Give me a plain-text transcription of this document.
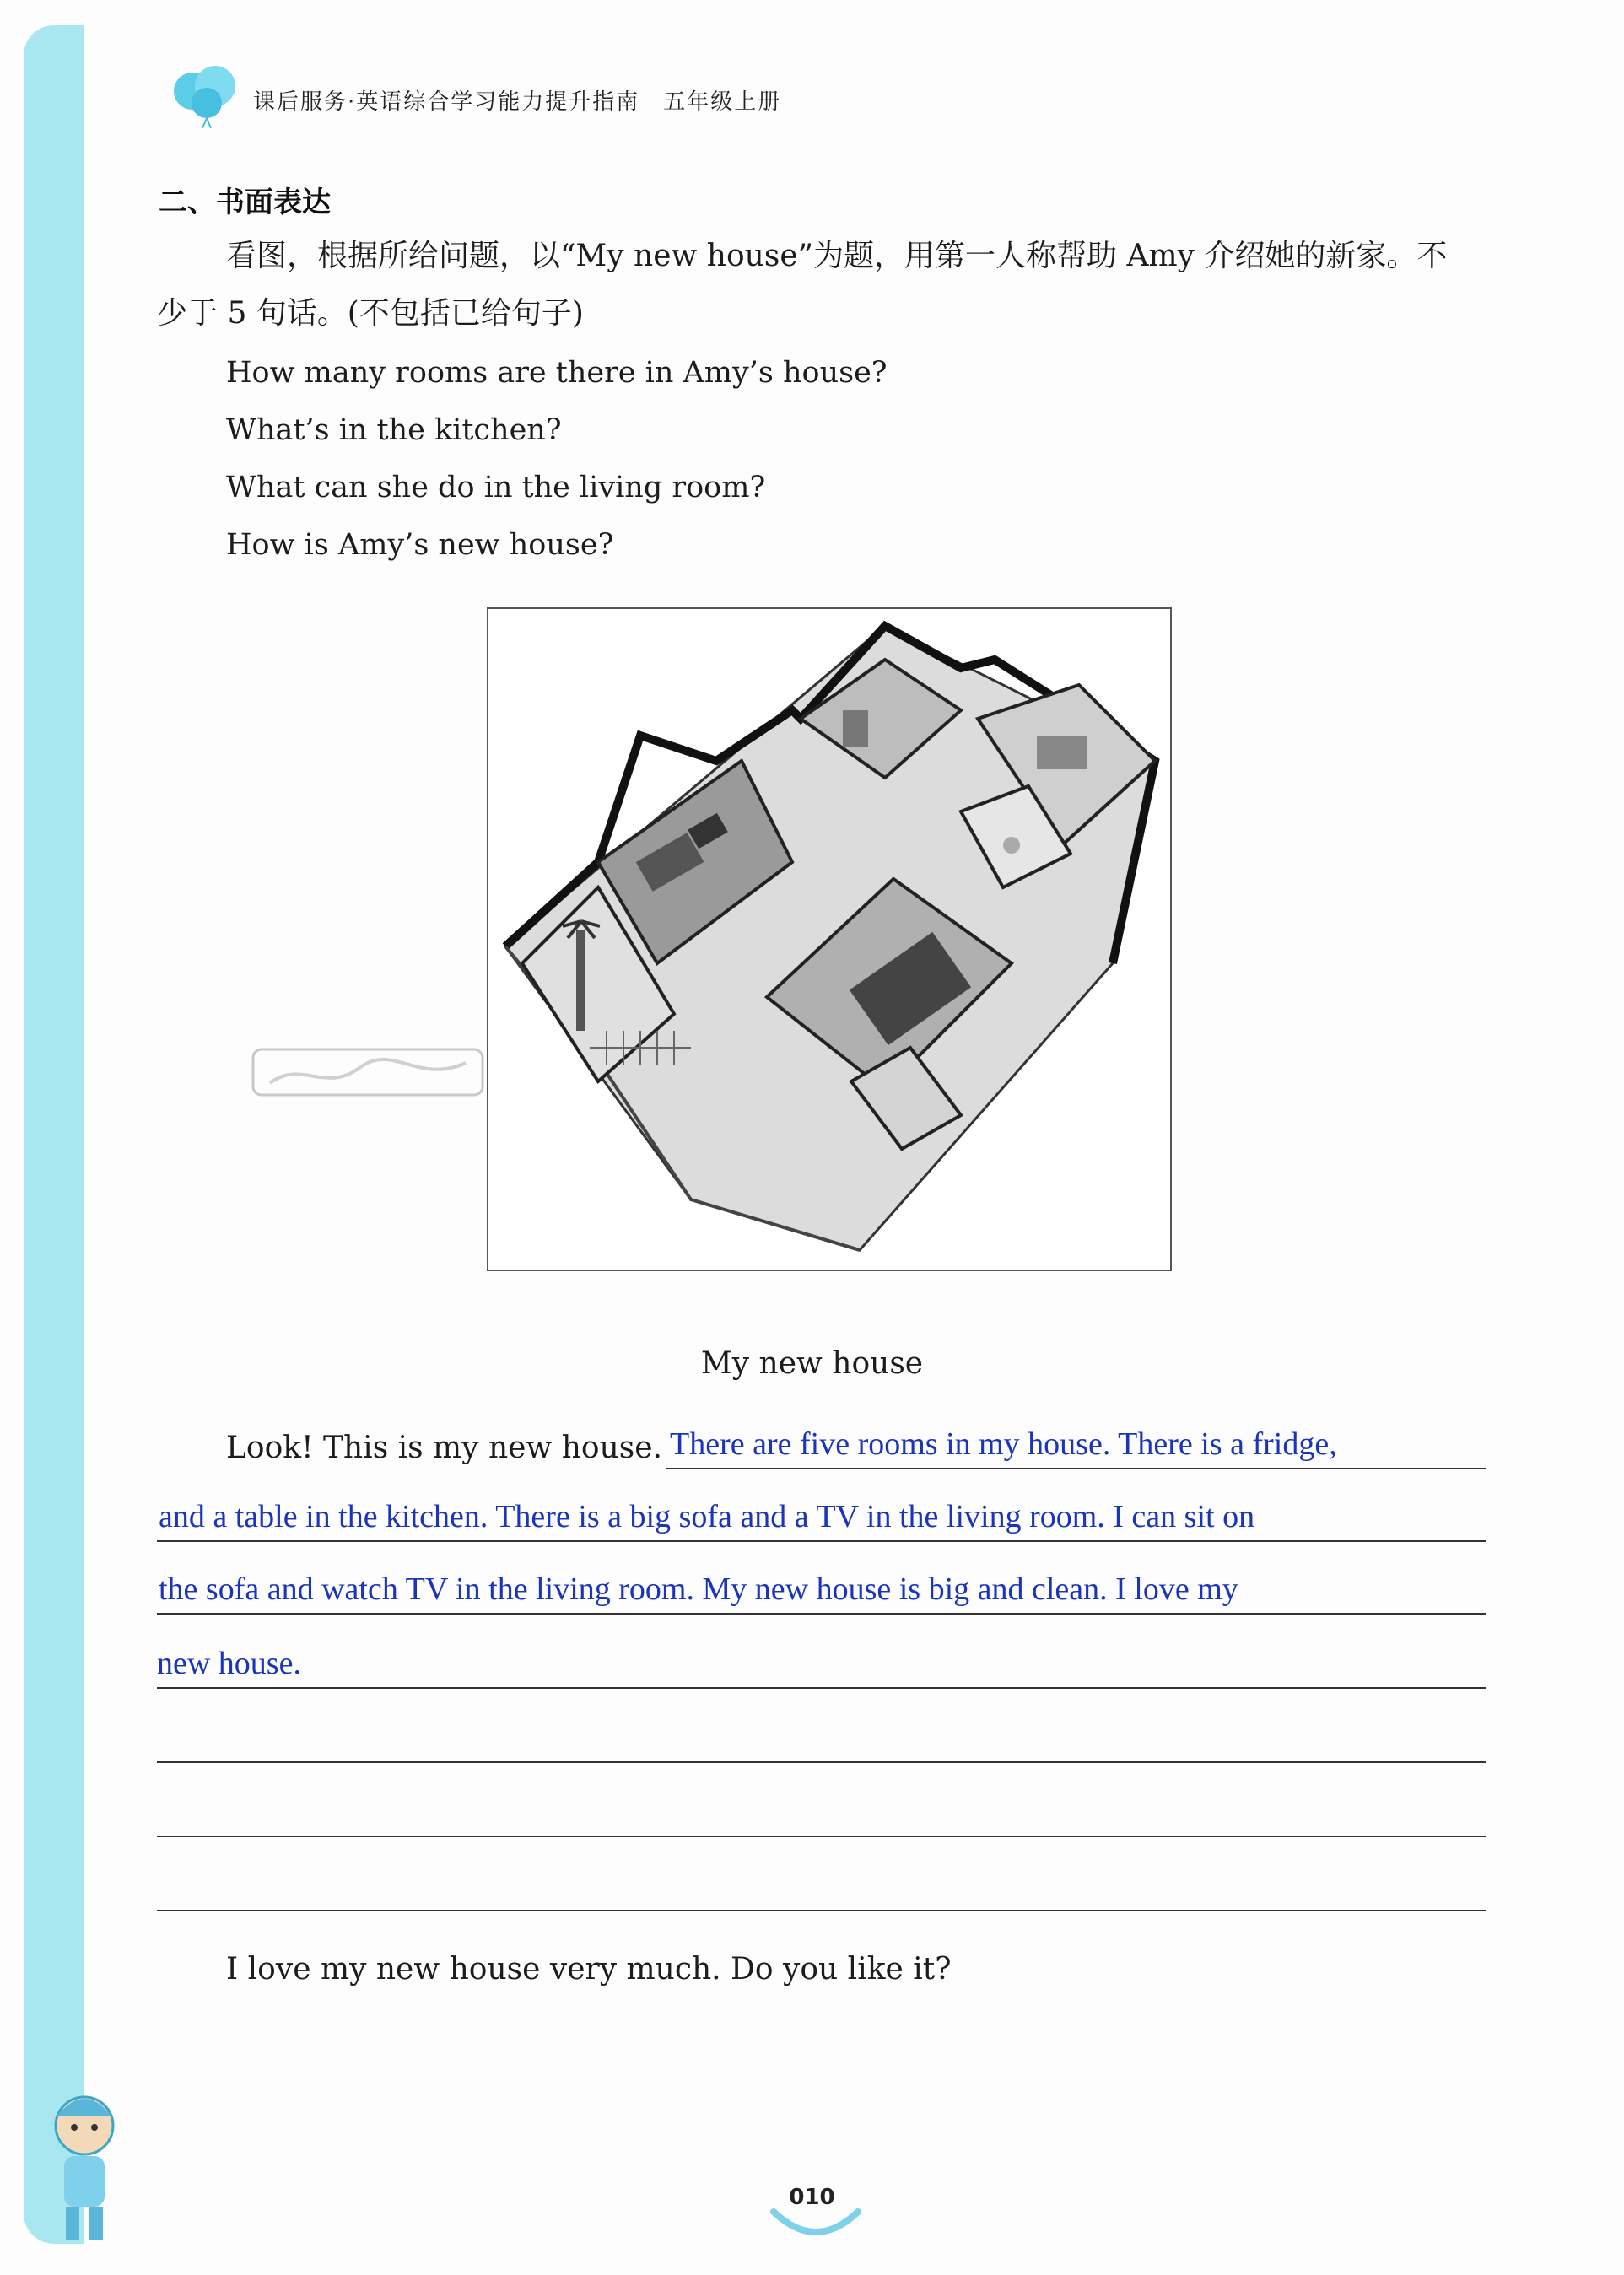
课后服务·英语综合学习能力提升指南　五年级上册
二、书面表达
看图，根据所给问题，以“My new house”为题，用第一人称帮助 Amy 介绍她的新家。不
少于 5 句话。(不包括已给句子)
How many rooms are there in Amy’s house?
What’s in the kitchen?
What can she do in the living room?
How is Amy’s new house?
My new house
Look! This is my new house. There are five rooms in my house. There is a fridge,
and a table in the kitchen. There is a big sofa and a TV in the living room. I can sit on
the sofa and watch TV in the living room. My new house is big and clean. I love my
new house.
I love my new house very much. Do you like it?
010
